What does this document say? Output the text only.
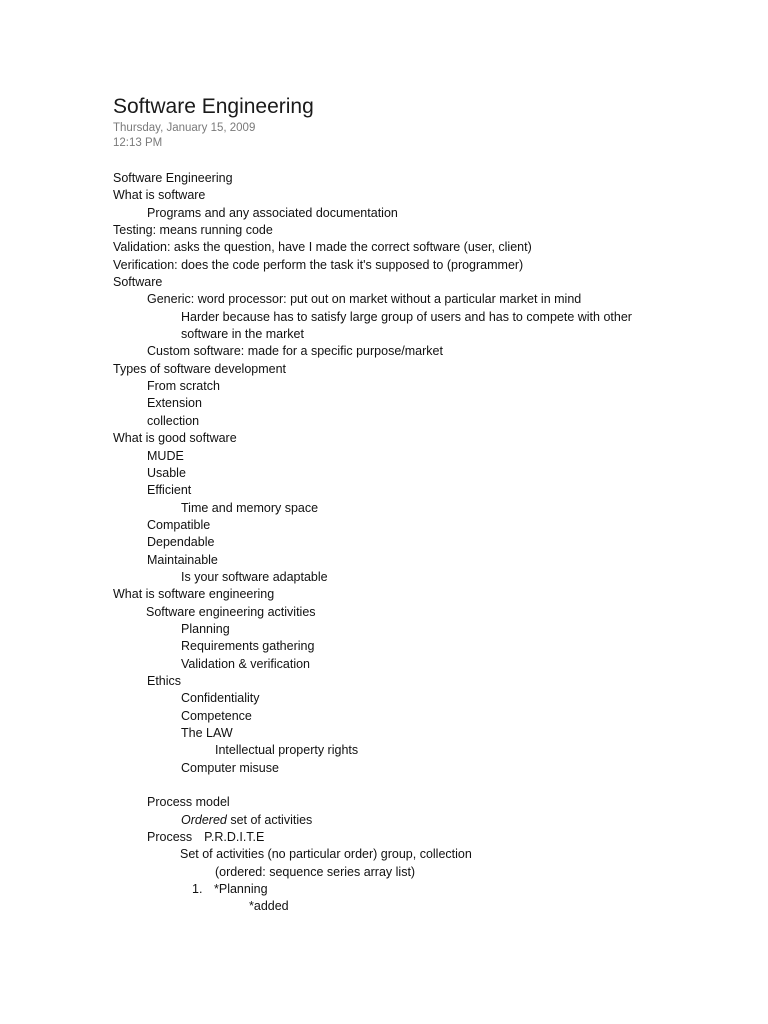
Software Engineering
Thursday, January 15, 2009
12:13 PM
Software Engineering
What is software
Programs and any associated documentation
Testing: means running code
Validation: asks the question, have I made the correct software (user, client)
Verification: does the code perform the task it's supposed to (programmer)
Software
Generic: word processor: put out on market without a particular market in mind
Harder because has to satisfy large group of users and has to compete with other software in the market
Custom software: made for a specific purpose/market
Types of software development
From scratch
Extension
collection
What is good software
MUDE
Usable
Efficient
Time and memory space
Compatible
Dependable
Maintainable
Is your software adaptable
What is software engineering
Software engineering activities
Planning
Requirements gathering
Validation & verification
Ethics
Confidentiality
Competence
The LAW
Intellectual property rights
Computer misuse
Process model
Ordered set of activities
Process P.R.D.I.T.E
Set of activities (no particular order) group, collection
(ordered: sequence series array list)
1. *Planning
*added
